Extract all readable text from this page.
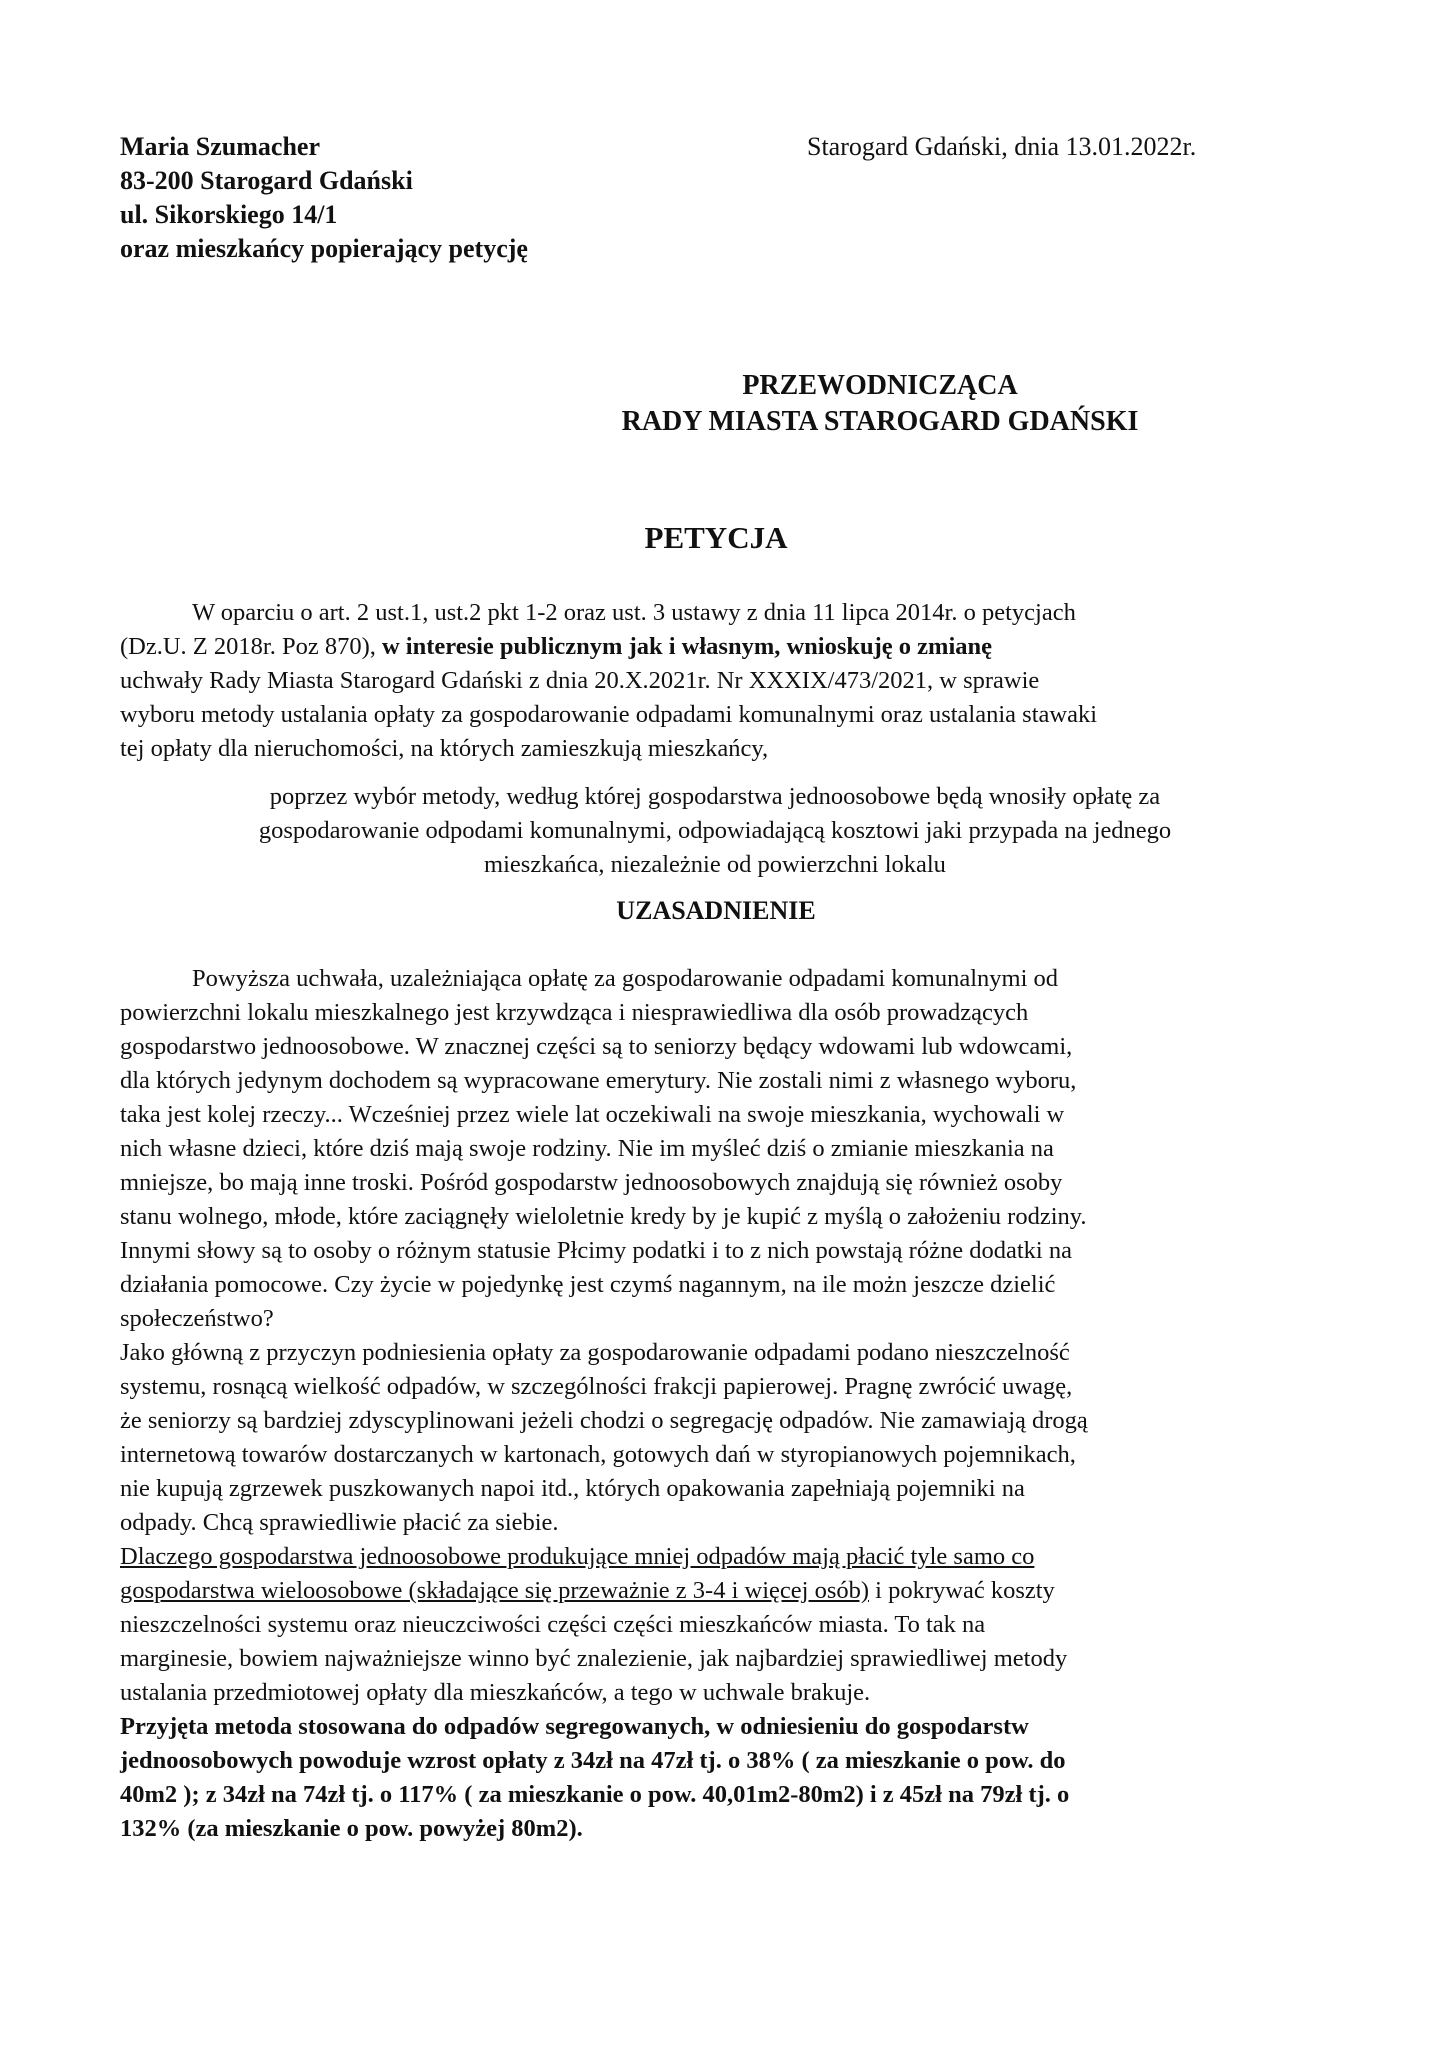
Maria Szumacher
83-200 Starogard Gdański
ul. Sikorskiego 14/1
oraz mieszkańcy popierający petycję
Starogard Gdański, dnia 13.01.2022r.
PRZEWODNICZĄCA
RADY MIASTA STAROGARD GDAŃSKI
PETYCJA
W oparciu o art. 2 ust.1, ust.2 pkt 1-2 oraz ust. 3 ustawy z dnia 11 lipca 2014r. o petycjach
(Dz.U. Z 2018r. Poz 870), w interesie publicznym jak i własnym, wnioskuję o zmianę
uchwały Rady Miasta Starogard Gdański z dnia 20.X.2021r. Nr XXXIX/473/2021, w sprawie
wyboru metody ustalania opłaty za gospodarowanie odpadami komunalnymi oraz ustalania stawaki
tej opłaty dla nieruchomości, na których zamieszkują mieszkańcy,
poprzez wybór metody, według której gospodarstwa jednoosobowe będą wnosiły opłatę za
gospodarowanie odpodami komunalnymi, odpowiadającą kosztowi jaki przypada na jednego
mieszkańca, niezależnie od powierzchni lokalu
UZASADNIENIE
Powyższa uchwała, uzależniająca opłatę za gospodarowanie odpadami komunalnymi od
powierzchni lokalu mieszkalnego jest krzywdząca i niesprawiedliwa dla osób prowadzących
gospodarstwo jednoosobowe. W znacznej części są to seniorzy będący wdowami lub wdowcami,
dla których jedynym dochodem są wypracowane emerytury. Nie zostali nimi z własnego wyboru,
taka jest kolej rzeczy... Wcześniej przez wiele lat oczekiwali na swoje mieszkania, wychowali w
nich własne dzieci, które dziś mają swoje rodziny. Nie im myśleć dziś o zmianie mieszkania na
mniejsze, bo mają inne troski. Pośród gospodarstw jednoosobowych znajdują się również osoby
stanu wolnego, młode, które zaciągnęły wieloletnie kredy by je kupić z myślą o założeniu rodziny.
Innymi słowy są to osoby o różnym statusie Płcimy podatki i to z nich powstają różne dodatki na
działania pomocowe. Czy życie w pojedynkę jest czymś nagannym, na ile możn jeszcze dzielić
społeczeństwo?
Jako główną z przyczyn podniesienia opłaty za gospodarowanie odpadami podano nieszczelność
systemu, rosnącą wielkość odpadów, w szczególności frakcji papierowej. Pragnę zwrócić uwagę,
że seniorzy są bardziej zdyscyplinowani jeżeli chodzi o segregację odpadów. Nie zamawiają drogą
internetową towarów dostarczanych w kartonach, gotowych dań w styropianowych pojemnikach,
nie kupują zgrzewek puszkowanych napoi itd., których opakowania zapełniają pojemniki na
odpady. Chcą sprawiedliwie płacić za siebie.
Dlaczego gospodarstwa jednoosobowe produkujące mniej odpadów mają płacić tyle samo co
gospodarstwa wieloosobowe (składające się przeważnie z 3-4 i więcej osób) i pokrywać koszty
nieszczelności systemu oraz nieuczciwości części części mieszkańców miasta. To tak na
marginesie, bowiem najważniejsze winno być znalezienie, jak najbardziej sprawiedliwej metody
ustalania przedmiotowej opłaty dla mieszkańców, a tego w uchwale brakuje.
Przyjęta metoda stosowana do odpadów segregowanych, w odniesieniu do gospodarstw
jednoosobowych powoduje wzrost opłaty z 34zł na 47zł tj. o 38% ( za mieszkanie o pow. do
40m2 ); z 34zł na 74zł tj. o 117% ( za mieszkanie o pow. 40,01m2-80m2) i z 45zł na 79zł tj. o
132% (za mieszkanie o pow. powyżej 80m2).
